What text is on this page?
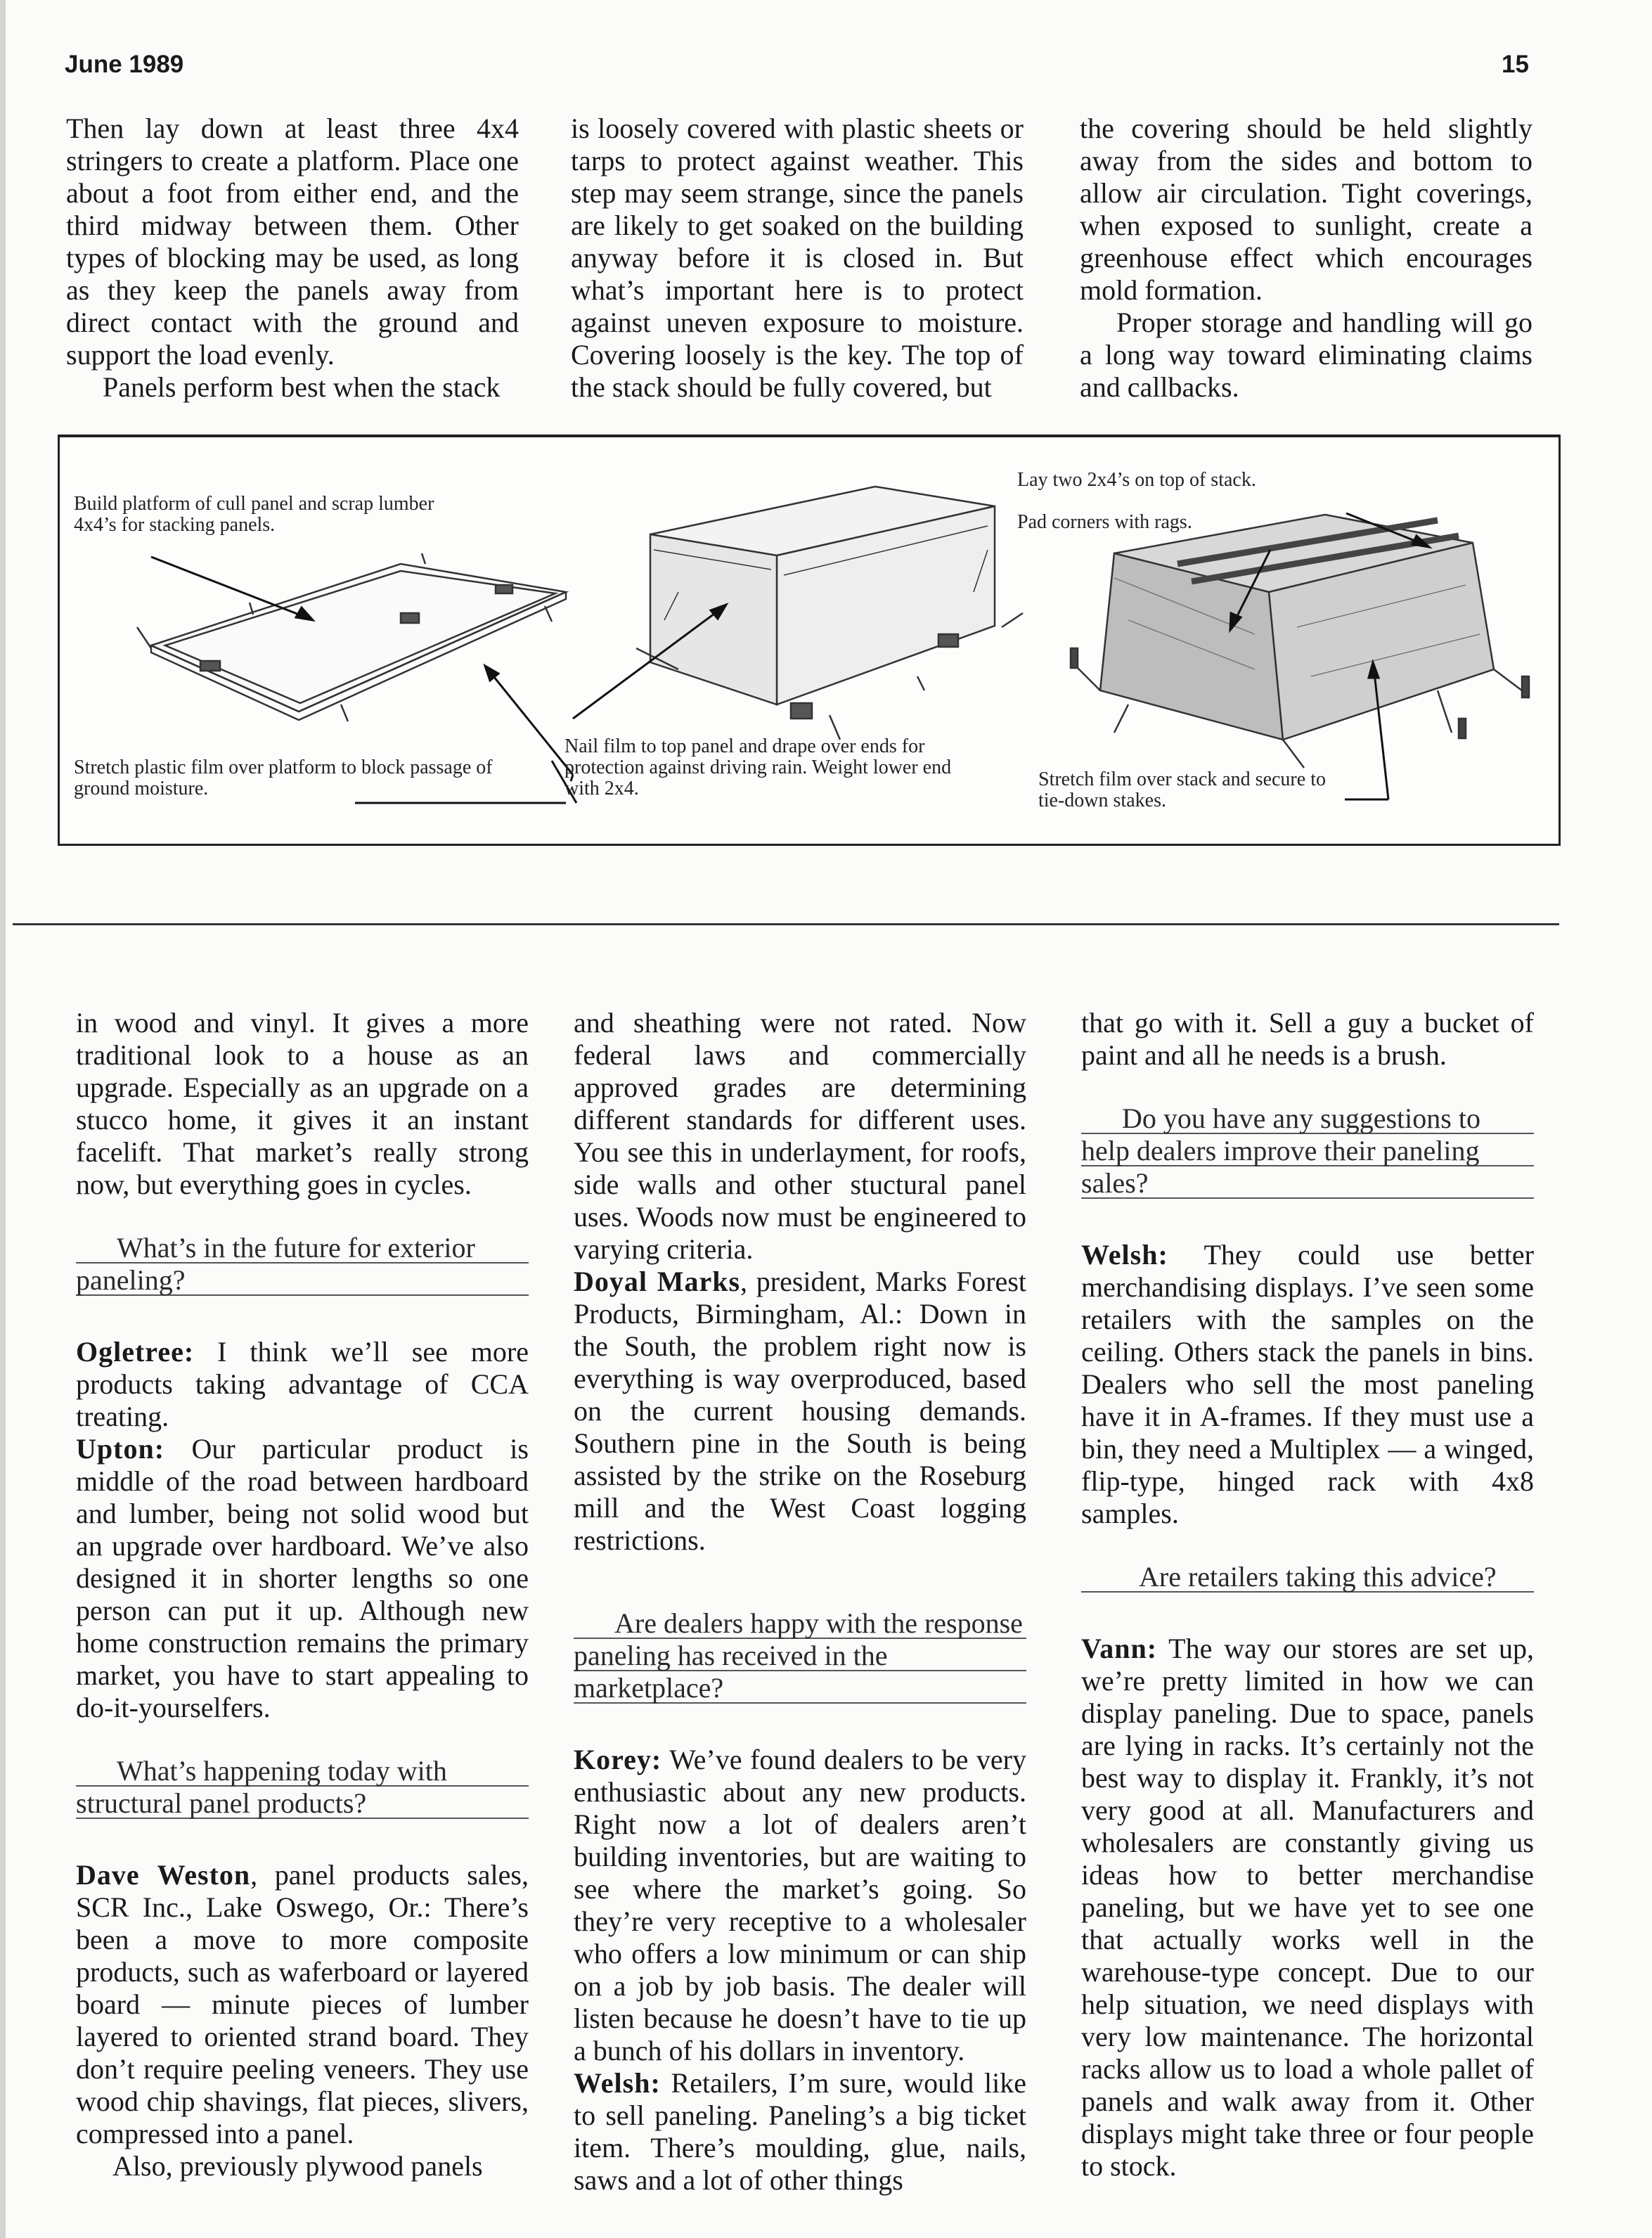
June 1989	15

Then lay down at least three 4x4 stringers to create a platform. Place one about a foot from either end, and the third midway between them. Other types of blocking may be used, as long as they keep the panels away from direct contact with the ground and support the load evenly.

Panels perform best when the stack

is loosely covered with plastic sheets or tarps to protect against weather. This step may seem strange, since the panels are likely to get soaked on the building anyway before it is closed in. But what’s important here is to protect against uneven exposure to moisture. Covering loosely is the key. The top of the stack should be fully covered, but

the covering should be held slightly away from the sides and bottom to allow air circulation. Tight coverings, when exposed to sunlight, create a greenhouse effect which encourages mold formation.

Proper storage and handling will go a long way toward eliminating claims and callbacks.

Build platform of cull panel and scrap lumber 4x4’s for stacking panels.
Stretch plastic film over platform to block passage of ground moisture.
Nail film to top panel and drape over ends for protection against driving rain. Weight lower end with 2x4.
Lay two 2x4’s on top of stack.
Pad corners with rags.
Stretch film over stack and secure to tie-down stakes.

in wood and vinyl. It gives a more traditional look to a house as an upgrade. Especially as an upgrade on a stucco home, it gives it an instant facelift. That market’s really strong now, but everything goes in cycles.

What’s in the future for exterior paneling?

Ogletree: I think we’ll see more products taking advantage of CCA treating.

Upton: Our particular product is middle of the road between hardboard and lumber, being not solid wood but an upgrade over hardboard. We’ve also designed it in shorter lengths so one person can put it up. Although new home construction remains the primary market, you have to start appealing to do-it-yourselfers.

What’s happening today with structural panel products?

Dave Weston, panel products sales, SCR Inc., Lake Oswego, Or.: There’s been a move to more composite products, such as waferboard or layered board — minute pieces of lumber layered to oriented strand board. They don’t require peeling veneers. They use wood chip shavings, flat pieces, slivers, compressed into a panel.

Also, previously plywood panels

and sheathing were not rated. Now federal laws and commercially approved grades are determining different standards for different uses. You see this in underlayment, for roofs, side walls and other stuctural panel uses. Woods now must be engineered to varying criteria.

Doyal Marks, president, Marks Forest Products, Birmingham, Al.: Down in the South, the problem right now is everything is way overproduced, based on the current housing demands. Southern pine in the South is being assisted by the strike on the Roseburg mill and the West Coast logging restrictions.

Are dealers happy with the response paneling has received in the marketplace?

Korey: We’ve found dealers to be very enthusiastic about any new products. Right now a lot of dealers aren’t building inventories, but are waiting to see where the market’s going. So they’re very receptive to a wholesaler who offers a low minimum or can ship on a job by job basis. The dealer will listen because he doesn’t have to tie up a bunch of his dollars in inventory.

Welsh: Retailers, I’m sure, would like to sell paneling. Paneling’s a big ticket item. There’s moulding, glue, nails, saws and a lot of other things

that go with it. Sell a guy a bucket of paint and all he needs is a brush.

Do you have any suggestions to help dealers improve their paneling sales?

Welsh: They could use better merchandising displays. I’ve seen some retailers with the samples on the ceiling. Others stack the panels in bins. Dealers who sell the most paneling have it in A-frames. If they must use a bin, they need a Multiplex — a winged, flip-type, hinged rack with 4x8 samples.

Are retailers taking this advice?

Vann: The way our stores are set up, we’re pretty limited in how we can display paneling. Due to space, panels are lying in racks. It’s certainly not the best way to display it. Frankly, it’s not very good at all. Manufacturers and wholesalers are constantly giving us ideas how to better merchandise paneling, but we have yet to see one that actually works well in the warehouse-type concept. Due to our help situation, we need displays with very low maintenance. The horizontal racks allow us to load a whole pallet of panels and walk away from it. Other displays might take three or four people to stock.
